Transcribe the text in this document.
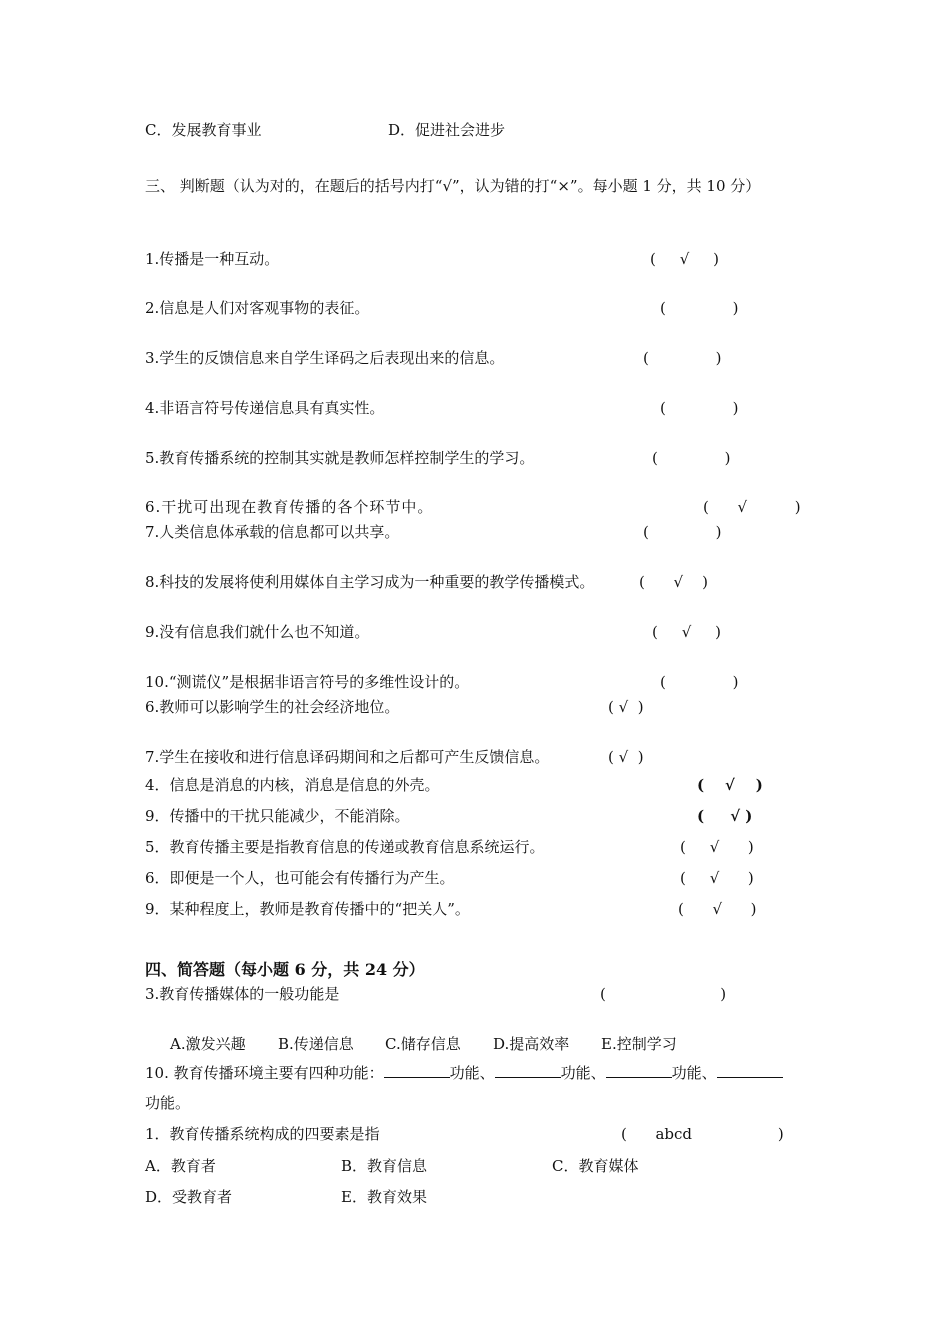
C．发展教育事业	D．促进社会进步
三、 判断题（认为对的，在题后的括号内打“√”，认为错的打“×”。每小题 1 分，共 10 分）
1.传播是一种互动。	(     √     )
2.信息是人们对客观事物的表征。	(              )
3.学生的反馈信息来自学生译码之后表现出来的信息。	(              )
4.非语言符号传递信息具有真实性。	(              )
5.教育传播系统的控制其实就是教师怎样控制学生的学习。	(              )
6.干扰可出现在教育传播的各个环节中。	(      √          )
7.人类信息体承载的信息都可以共享。	(              )
8.科技的发展将使利用媒体自主学习成为一种重要的教学传播模式。	(      √    )
9.没有信息我们就什么也不知道。	(     √     )
10.“测谎仪”是根据非语言符号的多维性设计的。	(              )
6.教师可以影响学生的社会经济地位。	( √  )
7.学生在接收和进行信息译码期间和之后都可产生反馈信息。	( √  )
4．信息是消息的内核，消息是信息的外壳。	(    √    )
9．传播中的干扰只能减少，不能消除。	(     √ )
5．教育传播主要是指教育信息的传递或教育信息系统运行。	(     √      )
6．即便是一个人，也可能会有传播行为产生。	(     √      )
9．某种程度上，教师是教育传播中的“把关人”。	(      √      )
四、简答题（每小题 6 分，共 24 分）
3.教育传播媒体的一般功能是	(                        )
A.激发兴趣 B.传递信息 C.储存信息 D.提高效率 E.控制学习
10. 教育传播环境主要有四种功能：	功能、	功能、	功能、
功能。
1．教育传播系统构成的四要素是指	(      abcd                  )
A．教育者	B．教育信息	C．教育媒体
D．受教育者	E．教育效果
